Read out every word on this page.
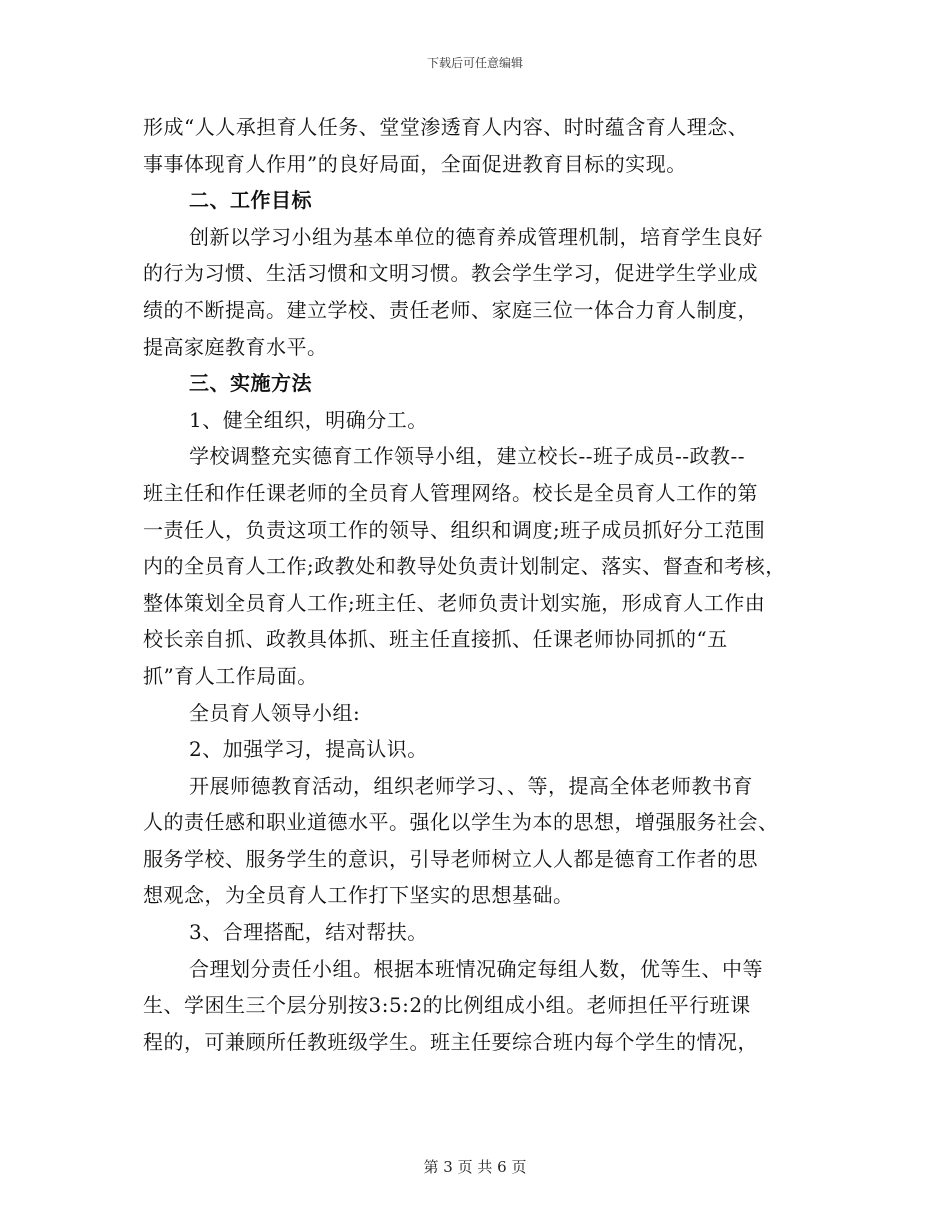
下载后可任意编辑
形成“人人承担育人任务、堂堂渗透育人内容、时时蕴含育人理念、
事事体现育人作用”的良好局面，全面促进教育目标的实现。
二、工作目标
创新以学习小组为基本单位的德育养成管理机制，培育学生良好
的行为习惯、生活习惯和文明习惯。教会学生学习，促进学生学业成
绩的不断提高。建立学校、责任老师、家庭三位一体合力育人制度，
提高家庭教育水平。
三、实施方法
1、健全组织，明确分工。
学校调整充实德育工作领导小组，建立校长--班子成员--政教--
班主任和作任课老师的全员育人管理网络。校长是全员育人工作的第
一责任人，负责这项工作的领导、组织和调度;班子成员抓好分工范围
内的全员育人工作;政教处和教导处负责计划制定、落实、督查和考核，
整体策划全员育人工作;班主任、老师负责计划实施，形成育人工作由
校长亲自抓、政教具体抓、班主任直接抓、任课老师协同抓的“五
抓”育人工作局面。
全员育人领导小组:
2、加强学习，提高认识。
开展师德教育活动，组织老师学习、、等，提高全体老师教书育
人的责任感和职业道德水平。强化以学生为本的思想，增强服务社会、
服务学校、服务学生的意识，引导老师树立人人都是德育工作者的思
想观念，为全员育人工作打下坚实的思想基础。
3、合理搭配，结对帮扶。
合理划分责任小组。根据本班情况确定每组人数，优等生、中等
生、学困生三个层分别按3:5:2的比例组成小组。老师担任平行班课
程的，可兼顾所任教班级学生。班主任要综合班内每个学生的情况，
第 3 页 共 6 页
